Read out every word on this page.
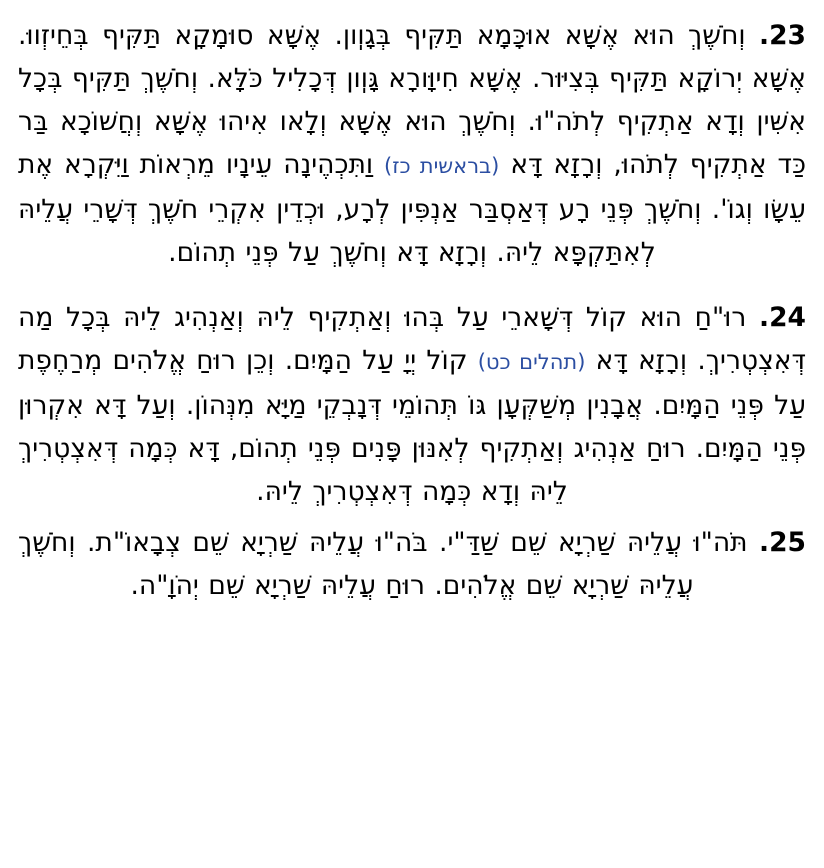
23. וְחֹשֶׁךְ הוּא אֶשָּׁא אוּכָּמָא תַּקִּיף בְּגָוֽון. אֶשָּׁא סוּמָקָא תַּקִּיף בְּחֵיזְווּ. אֶשָּׁא יְרוֹקָא תַּקִּיף בְּצִיּוּר. אֶשָּׁא חִיוָּורָא גָּוֽון דְּכָלִיל כֹּלָּא. וְחֹשֶׁךְ תַּקִּיף בְּכָל אִשִּׁין וְדָא אַתְקִיף לְתֹה"וּ. וְחֹשֶׁךְ הוּא אֶשָּׁא וְלָאו אִיהוּ אֶשָּׁא וְחֲשׁוֹכָא בַּר כַּד אַתְקִיף לְתֹהוּ, וְרָזָא דָּא (בראשית כז) וַתִּכְהֶינָה עֵינָיו מֵרְאוֹת וַיִּקְרָא אֶת עֵשָׂו וְגוֹ'. וְחֹשֶׁךְ פְּנֵי רָע דְּאַסְבַּר אַנְפִּין לְרָע, וּכְדֵין אִקְרֵי חֹשֶׁךְ דְּשָׁרֵי עֲלֵיהּ לְאִתַּקְפָּא לֵיהּ. וְרָזָא דָּא וְחֹשֶׁךְ עַל פְּנֵי תְהוֹם.

24. רוּ"חַ הוּא קוֹל דְּשָׁארֵי עַל בְּהוּ וְאַתְקִיף לֵיהּ וְאַנְהִיג לֵיהּ בְּכָל מַה דְּאִצְטְרִיךְ. וְרָזָא דָּא (תהלים כט) קוֹל יְיָ עַל הַמָּיִם. וְכֵן רוּחַ אֱלֹהִים מְרַחֶפֶת עַל פְּנֵי הַמָּיִם. אֲבָנִין מְשַׁקְּעָן גּוֹ תְּהוֹמֵי דְּנָבְקֵי מַיָּא מִנְּהוֹן. וְעַל דָּא אִקְרוּן פְּנֵי הַמָּיִם. רוּחַ אַנְהִיג וְאַתְקִיף לְאִנּוּן פָּנִים פְּנֵי תְהוֹם, דָּא כְּמָה דְּאִצְטְרִיךְ לֵיהּ וְדָא כְּמָה דְּאִצְטְרִיךְ לֵיהּ.

25. תֹּה"וּ עֲלֵיהּ שַׁרְיָא שֵׁם שַׁדַּ"י. בֹּה"וּ עֲלֵיהּ שַׁרְיָא שֵׁם צְבָאוֹ"ת. וְחֹשֶׁךְ עֲלֵיהּ שַׁרְיָא שֵׁם אֱלֹהִים. רוּחַ עֲלֵיהּ שַׁרְיָא שֵׁם יְהֹוָ"ה.
